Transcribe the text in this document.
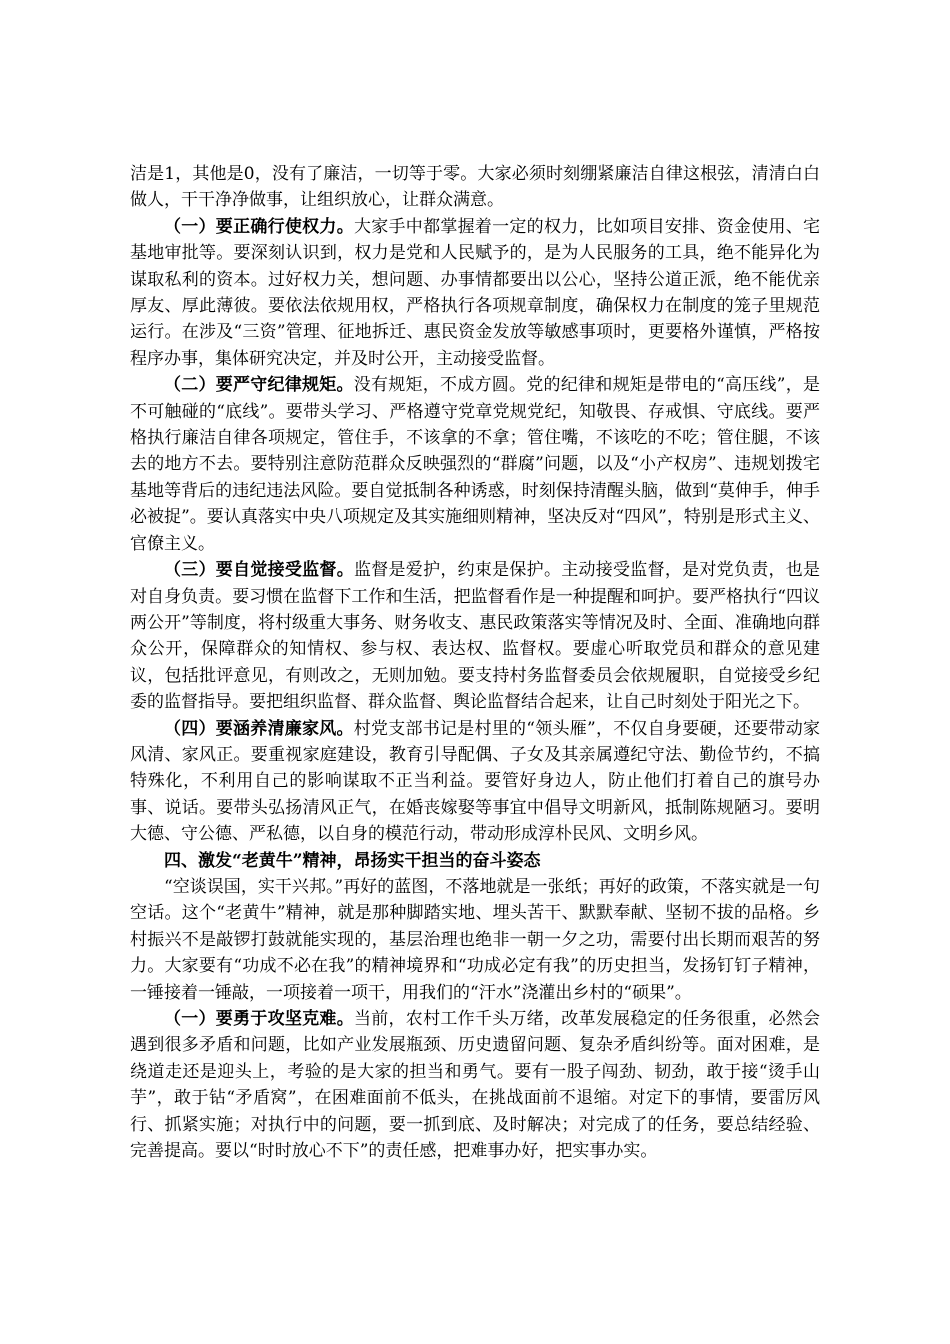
洁是1，其他是0，没有了廉洁，一切等于零。大家必须时刻绷紧廉洁自律这根弦，清清白白做人，干干净净做事，让组织放心，让群众满意。

（一）要正确行使权力。大家手中都掌握着一定的权力，比如项目安排、资金使用、宅基地审批等。要深刻认识到，权力是党和人民赋予的，是为人民服务的工具，绝不能异化为谋取私利的资本。过好权力关，想问题、办事情都要出以公心，坚持公道正派，绝不能优亲厚友、厚此薄彼。要依法依规用权，严格执行各项规章制度，确保权力在制度的笼子里规范运行。在涉及“三资”管理、征地拆迁、惠民资金发放等敏感事项时，更要格外谨慎，严格按程序办事，集体研究决定，并及时公开，主动接受监督。

（二）要严守纪律规矩。没有规矩，不成方圆。党的纪律和规矩是带电的“高压线”，是不可触碰的“底线”。要带头学习、严格遵守党章党规党纪，知敬畏、存戒惧、守底线。要严格执行廉洁自律各项规定，管住手，不该拿的不拿；管住嘴，不该吃的不吃；管住腿，不该去的地方不去。要特别注意防范群众反映强烈的“群腐”问题，以及“小产权房”、违规划拨宅基地等背后的违纪违法风险。要自觉抵制各种诱惑，时刻保持清醒头脑，做到“莫伸手，伸手必被捉”。要认真落实中央八项规定及其实施细则精神，坚决反对“四风”，特别是形式主义、官僚主义。

（三）要自觉接受监督。监督是爱护，约束是保护。主动接受监督，是对党负责，也是对自身负责。要习惯在监督下工作和生活，把监督看作是一种提醒和呵护。要严格执行“四议两公开”等制度，将村级重大事务、财务收支、惠民政策落实等情况及时、全面、准确地向群众公开，保障群众的知情权、参与权、表达权、监督权。要虚心听取党员和群众的意见建议，包括批评意见，有则改之，无则加勉。要支持村务监督委员会依规履职，自觉接受乡纪委的监督指导。要把组织监督、群众监督、舆论监督结合起来，让自己时刻处于阳光之下。

（四）要涵养清廉家风。村党支部书记是村里的“领头雁”，不仅自身要硬，还要带动家风清、家风正。要重视家庭建设，教育引导配偶、子女及其亲属遵纪守法、勤俭节约，不搞特殊化，不利用自己的影响谋取不正当利益。要管好身边人，防止他们打着自己的旗号办事、说话。要带头弘扬清风正气，在婚丧嫁娶等事宜中倡导文明新风，抵制陈规陋习。要明大德、守公德、严私德，以自身的模范行动，带动形成淳朴民风、文明乡风。

四、激发“老黄牛”精神，昂扬实干担当的奋斗姿态

“空谈误国，实干兴邦。”再好的蓝图，不落地就是一张纸；再好的政策，不落实就是一句空话。这个“老黄牛”精神，就是那种脚踏实地、埋头苦干、默默奉献、坚韧不拔的品格。乡村振兴不是敲锣打鼓就能实现的，基层治理也绝非一朝一夕之功，需要付出长期而艰苦的努力。大家要有“功成不必在我”的精神境界和“功成必定有我”的历史担当，发扬钉钉子精神，一锤接着一锤敲，一项接着一项干，用我们的“汗水”浇灌出乡村的“硕果”。

（一）要勇于攻坚克难。当前，农村工作千头万绪，改革发展稳定的任务很重，必然会遇到很多矛盾和问题，比如产业发展瓶颈、历史遗留问题、复杂矛盾纠纷等。面对困难，是绕道走还是迎头上，考验的是大家的担当和勇气。要有一股子闯劲、韧劲，敢于接“烫手山芋”，敢于钻“矛盾窝”，在困难面前不低头，在挑战面前不退缩。对定下的事情，要雷厉风行、抓紧实施；对执行中的问题，要一抓到底、及时解决；对完成了的任务，要总结经验、完善提高。要以“时时放心不下”的责任感，把难事办好，把实事办实。
